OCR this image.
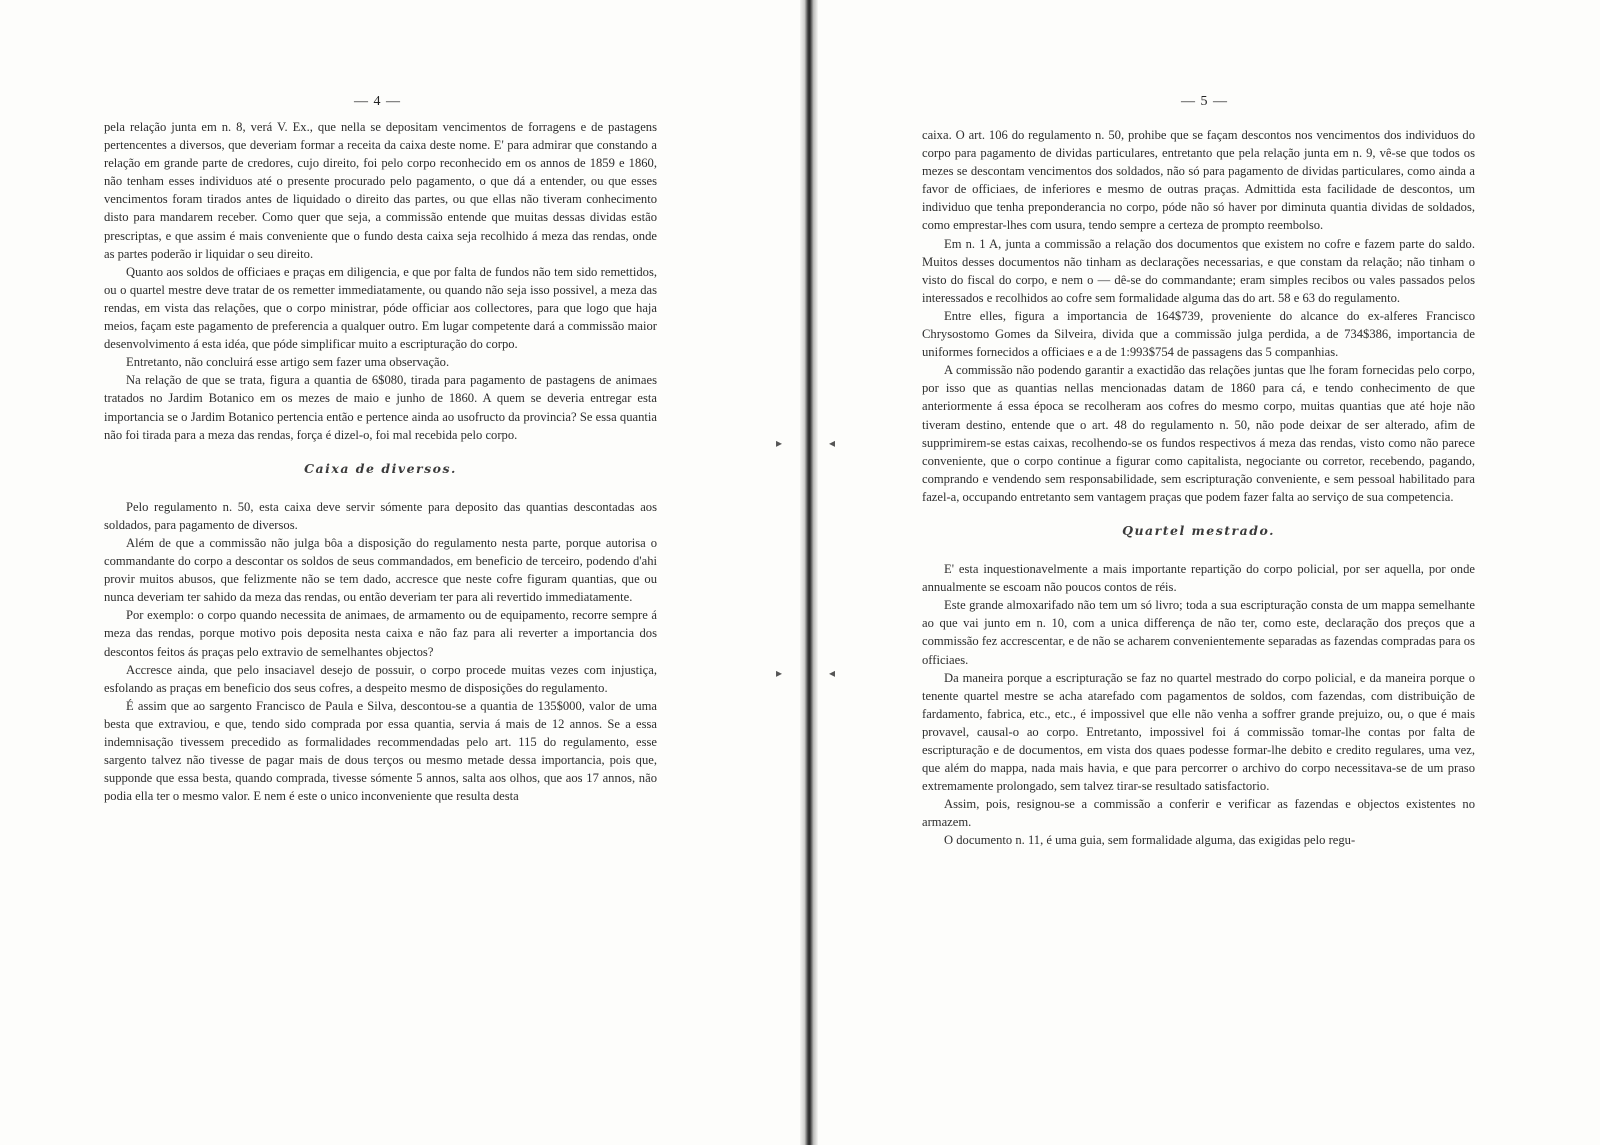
— 4 —

pela relação junta em n. 8, verá V. Ex., que nella se depositam vencimentos de forragens e de pastagens pertencentes a diversos, que deveriam formar a receita da caixa deste nome. E' para admirar que constando a relação em grande parte de credores, cujo direito, foi pelo corpo reconhecido em os annos de 1859 e 1860, não tenham esses individuos até o presente procurado pelo pagamento, o que dá a entender, ou que esses vencimentos foram tirados antes de liquidado o direito das partes, ou que ellas não tiveram conhecimento disto para mandarem receber. Como quer que seja, a commissão entende que muitas dessas dividas estão prescriptas, e que assim é mais conveniente que o fundo desta caixa seja recolhido á meza das rendas, onde as partes poderão ir liquidar o seu direito.

Quanto aos soldos de officiaes e praças em diligencia, e que por falta de fundos não tem sido remettidos, ou o quartel mestre deve tratar de os remetter immediatamente, ou quando não seja isso possivel, a meza das rendas, em vista das relações, que o corpo ministrar, póde officiar aos collectores, para que logo que haja meios, façam este pagamento de preferencia a qualquer outro. Em lugar competente dará a commissão maior desenvolvimento á esta idéa, que póde simplificar muito a escripturação do corpo.

Entretanto, não concluirá esse artigo sem fazer uma observação.

Na relação de que se trata, figura a quantia de 6$080, tirada para pagamento de pastagens de animaes tratados no Jardim Botanico em os mezes de maio e junho de 1860. A quem se deveria entregar esta importancia se o Jardim Botanico pertencia então e pertence ainda ao usofructo da provincia? Se essa quantia não foi tirada para a meza das rendas, força é dizel-o, foi mal recebida pelo corpo.

Caixa de diversos.

Pelo regulamento n. 50, esta caixa deve servir sómente para deposito das quantias descontadas aos soldados, para pagamento de diversos.

Além de que a commissão não julga bôa a disposição do regulamento nesta parte, porque autorisa o commandante do corpo a descontar os soldos de seus commandados, em beneficio de terceiro, podendo d'ahi provir muitos abusos, que felizmente não se tem dado, accresce que neste cofre figuram quantias, que ou nunca deveriam ter sahido da meza das rendas, ou então deveriam ter para ali revertido immediatamente.

Por exemplo: o corpo quando necessita de animaes, de armamento ou de equipamento, recorre sempre á meza das rendas, porque motivo pois deposita nesta caixa e não faz para ali reverter a importancia dos descontos feitos ás praças pelo extravio de semelhantes objectos?

Accresce ainda, que pelo insaciavel desejo de possuir, o corpo procede muitas vezes com injustiça, esfolando as praças em beneficio dos seus cofres, a despeito mesmo de disposições do regulamento.

É assim que ao sargento Francisco de Paula e Silva, descontou-se a quantia de 135$000, valor de uma besta que extraviou, e que, tendo sido comprada por essa quantia, servia á mais de 12 annos. Se a essa indemnisação tivessem precedido as formalidades recommendadas pelo art. 115 do regulamento, esse sargento talvez não tivesse de pagar mais de dous terços ou mesmo metade dessa importancia, pois que, supponde que essa besta, quando comprada, tivesse sómente 5 annos, salta aos olhos, que aos 17 annos, não podia ella ter o mesmo valor. E nem é este o unico inconveniente que resulta desta

— 5 —

caixa. O art. 106 do regulamento n. 50, prohibe que se façam descontos nos vencimentos dos individuos do corpo para pagamento de dividas particulares, entretanto que pela relação junta em n. 9, vê-se que todos os mezes se descontam vencimentos dos soldados, não só para pagamento de dividas particulares, como ainda a favor de officiaes, de inferiores e mesmo de outras praças. Admittida esta facilidade de descontos, um individuo que tenha preponderancia no corpo, póde não só haver por diminuta quantia dividas de soldados, como emprestar-lhes com usura, tendo sempre a certeza de prompto reembolso.

Em n. 1 A, junta a commissão a relação dos documentos que existem no cofre e fazem parte do saldo. Muitos desses documentos não tinham as declarações necessarias, e que constam da relação; não tinham o visto do fiscal do corpo, e nem o — dê-se do commandante; eram simples recibos ou vales passados pelos interessados e recolhidos ao cofre sem formalidade alguma das do art. 58 e 63 do regulamento.

Entre elles, figura a importancia de 164$739, proveniente do alcance do ex-alferes Francisco Chrysostomo Gomes da Silveira, divida que a commissão julga perdida, a de 734$386, importancia de uniformes fornecidos a officiaes e a de 1:993$754 de passagens das 5 companhias.

A commissão não podendo garantir a exactidão das relações juntas que lhe foram fornecidas pelo corpo, por isso que as quantias nellas mencionadas datam de 1860 para cá, e tendo conhecimento de que anteriormente á essa época se recolheram aos cofres do mesmo corpo, muitas quantias que até hoje não tiveram destino, entende que o art. 48 do regulamento n. 50, não pode deixar de ser alterado, afim de supprimirem-se estas caixas, recolhendo-se os fundos respectivos á meza das rendas, visto como não parece conveniente, que o corpo continue a figurar como capitalista, negociante ou corretor, recebendo, pagando, comprando e vendendo sem responsabilidade, sem escripturação conveniente, e sem pessoal habilitado para fazel-a, occupando entretanto sem vantagem praças que podem fazer falta ao serviço de sua competencia.

Quartel mestrado.

E' esta inquestionavelmente a mais importante repartição do corpo policial, por ser aquella, por onde annualmente se escoam não poucos contos de réis.

Este grande almoxarifado não tem um só livro; toda a sua escripturação consta de um mappa semelhante ao que vai junto em n. 10, com a unica differença de não ter, como este, declaração dos preços que a commissão fez accrescentar, e de não se acharem convenientemente separadas as fazendas compradas para os officiaes.

Da maneira porque a escripturação se faz no quartel mestrado do corpo policial, e da maneira porque o tenente quartel mestre se acha atarefado com pagamentos de soldos, com fazendas, com distribuição de fardamento, fabrica, etc., etc., é impossivel que elle não venha a soffrer grande prejuizo, ou, o que é mais provavel, causal-o ao corpo. Entretanto, impossivel foi á commissão tomar-lhe contas por falta de escripturação e de documentos, em vista dos quaes podesse formar-lhe debito e credito regulares, uma vez, que além do mappa, nada mais havia, e que para percorrer o archivo do corpo necessitava-se de um praso extremamente prolongado, sem talvez tirar-se resultado satisfactorio.

Assim, pois, resignou-se a commissão a conferir e verificar as fazendas e objectos existentes no armazem.

O documento n. 11, é uma guia, sem formalidade alguma, das exigidas pelo regu-

▸	◂
▸	◂
